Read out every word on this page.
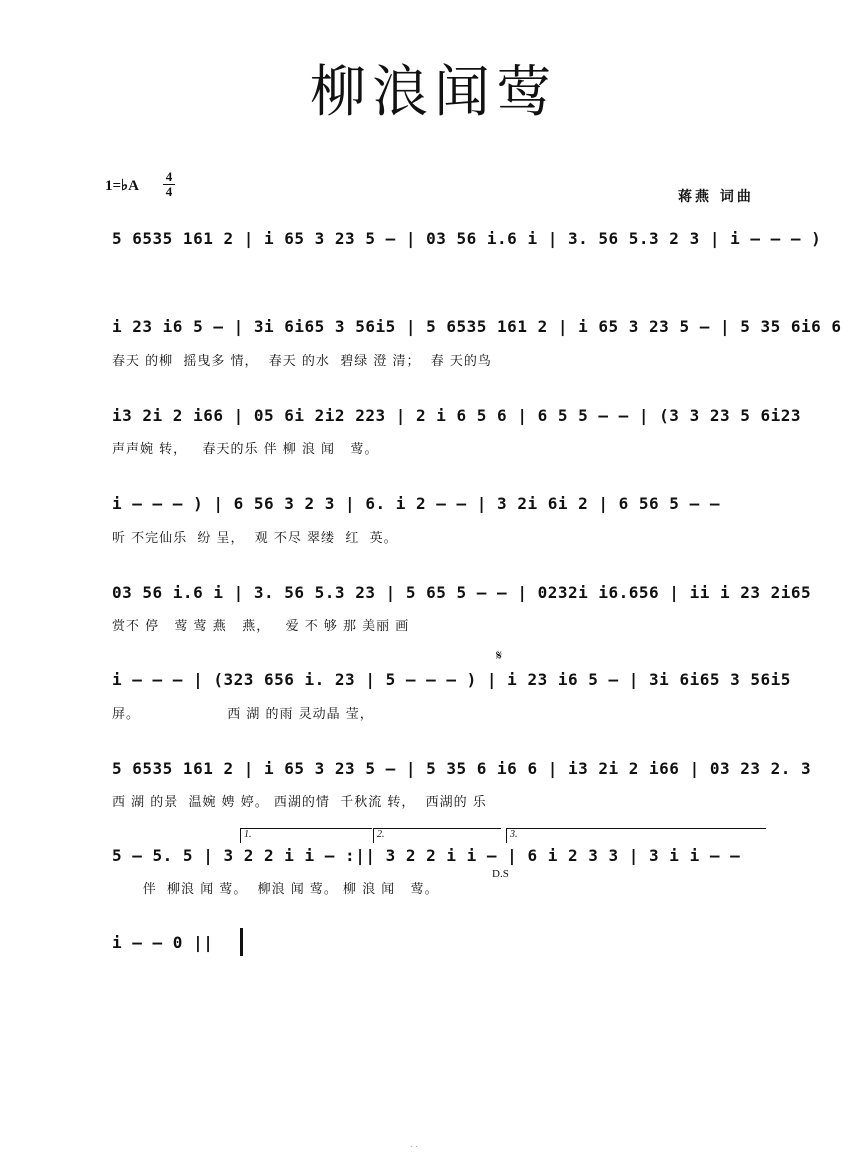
柳浪闻莺
1=♭A
4
4	蒋燕 词曲
5 6535 161 2 | i 65 3 23 5 – | 03 56 i.6 i | 3. 56 5.3 2 3 | i – – – )
i 23 i6 5 – | 3i 6i65 3 56i5 | 5 6535 161 2 | i 65 3 23 5 – | 5 35 6i6 6
春天 的柳  摇曳多 情，  春天 的水  碧绿 澄 清；  春 天的鸟
i3 2i 2 i66 | 05 6i 2i2 223 | 2 i 6 5 6 | 6 5 5 – – | (3 3 23 5 6i23
声声婉 转，   春天的乐 伴 柳 浪 闻   莺。
i – – – ) | 6 56 3 2 3 | 6. i 2 – – | 3 2i 6i 2 | 6 56 5 – –
听 不完仙乐  纷 呈，  观 不尽 翠缕  红  英。
03 56 i.6 i | 3. 56 5.3 23 | 5 65 5 – – | 0232i i6.656 | ii i 23 2i65
赏不 停   莺 莺 燕   燕，   爱 不 够 那 美丽 画
𝄋
i – – – | (323 656 i. 23 | 5 – – – ) | i 23 i6 5 – | 3i 6i65 3 56i5
屏。                 西 湖 的雨 灵动晶 莹，
5 6535 161 2 | i 65 3 23 5 – | 5 35 6 i6 6 | i3 2i 2 i66 | 03 23 2. 3
西 湖 的景  温婉 娉 婷。 西湖的情  千秋流 转，  西湖的 乐
1.	2.	3.
5 – 5. 5 | 3 2 2 i i – :|| 3 2 2 i i – | 6 i 2 3 3 | 3 i i – –
D.S
伴  柳浪 闻 莺。  柳浪 闻 莺。 柳 浪 闻   莺。
i – – 0 ||
. .
